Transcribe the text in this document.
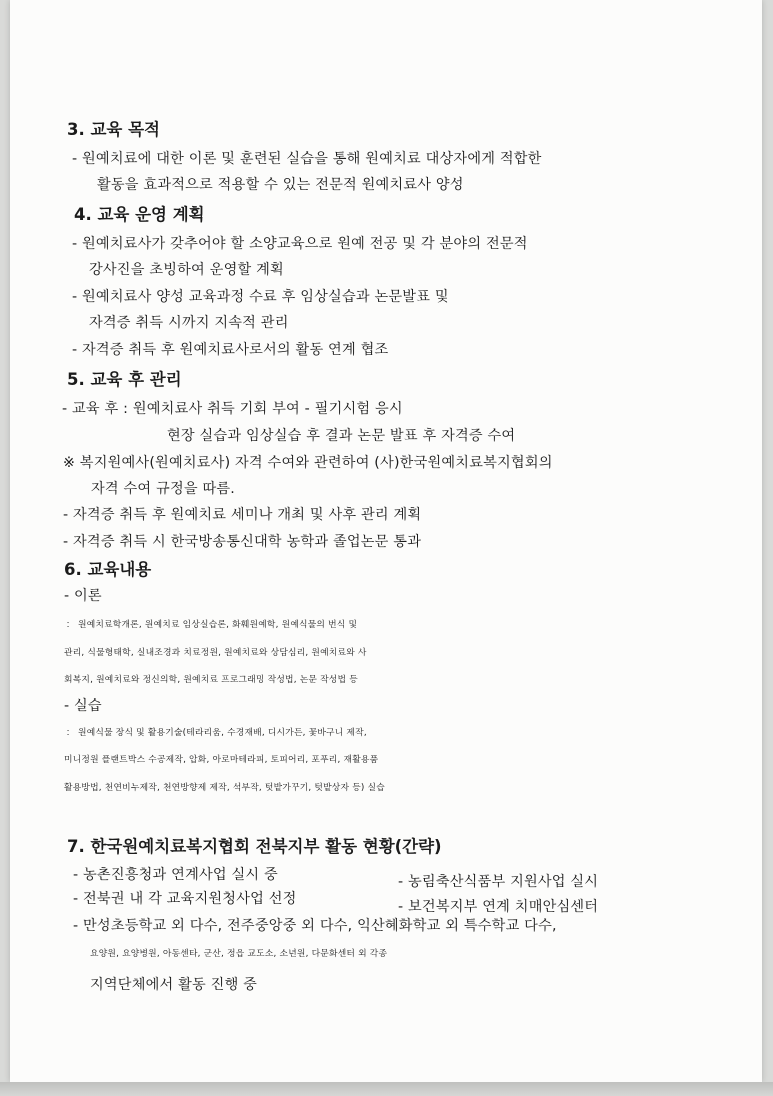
3. 교육 목적
- 원예치료에 대한 이론 및 훈련된 실습을 통해 원예치료 대상자에게 적합한
활동을 효과적으로 적용할 수 있는 전문적 원예치료사 양성
4. 교육 운영 계획
- 원예치료사가 갖추어야 할 소양교육으로 원예 전공 및 각 분야의 전문적
강사진을 초빙하여 운영할 계획
- 원예치료사 양성 교육과정 수료 후 임상실습과 논문발표 및
자격증 취득 시까지 지속적 관리
- 자격증 취득 후 원예치료사로서의 활동 연계 협조
5. 교육 후 관리
- 교육 후 : 원예치료사 취득 기회 부여 - 필기시험 응시
현장 실습과 임상실습 후 결과 논문 발표 후 자격증 수여
※ 복지원예사(원예치료사) 자격 수여와 관련하여 (사)한국원예치료복지협회의
자격 수여 규정을 따름.
- 자격증 취득 후 원예치료 세미나 개최 및 사후 관리 계획
- 자격증 취득 시 한국방송통신대학 농학과 졸업논문 통과
6. 교육내용
- 이론
： 원예치료학개론, 원예치료 임상실습론, 화훼원예학, 원예식물의 번식 및
관리, 식물형태학, 실내조경과 치료정원, 원예치료와 상담심리, 원예치료와 사
회복지, 원예치료와 정신의학, 원예치료 프로그래밍 작성법, 논문 작성법 등
- 실습
： 원예식물 장식 및 활용기술(테라리움, 수경재배, 디시가든, 꽃바구니 제작,
미니정원 플랜트박스 수공제작, 압화, 아로마테라피, 토피어리, 포푸리, 재활용품
활용방법, 천연비누제작, 천연방향제 제작, 석부작, 텃밭가꾸기, 텃밭상자 등) 실습
7. 한국원예치료복지협회 전북지부 활동 현황(간략)
- 농촌진흥청과 연계사업 실시 중	- 농림축산식품부 지원사업 실시
- 전북권 내 각 교육지원청사업 선정	- 보건복지부 연계 치매안심센터
- 만성초등학교 외 다수, 전주중앙중 외 다수, 익산혜화학교 외 특수학교 다수,
요양원, 요양병원, 아동센타, 군산, 정읍 교도소, 소년원, 다문화센터 외 각종
지역단체에서 활동 진행 중
